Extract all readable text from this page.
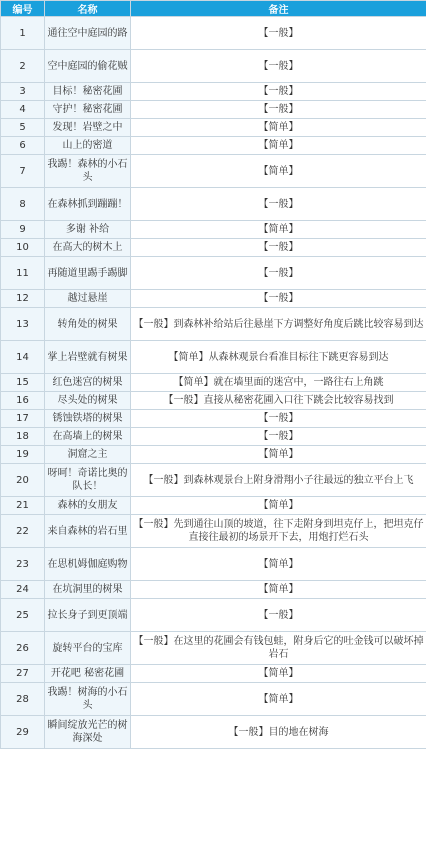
编号	名称	备注
1	通往空中庭园的路	【一般】
2	空中庭园的偷花贼	【一般】
3	目标！秘密花圃	【一般】
4	守护！秘密花圃	【一般】
5	发现！岩壁之中	【简单】
6	山上的密道	【简单】
7	我踢！森林的小石头	【简单】
8	在森林抓到蹦蹦！	【一般】
9	多谢 补给	【简单】
10	在高大的树木上	【一般】
11	再随道里踢手踢脚	【一般】
12	越过悬崖	【一般】
13	转角处的树果	【一般】到森林补给站后往悬崖下方调整好角度后跳比较容易到达
14	掌上岩壁就有树果	【简单】从森林观景台看准目标往下跳更容易到达
15	红色迷宫的树果	【简单】就在墙里面的迷宫中，一路往右上角跳
16	尽头处的树果	【一般】直接从秘密花圃入口往下跳会比较容易找到
17	锈蚀铁塔的树果	【一般】
18	在高墙上的树果	【一般】
19	洞窟之主	【简单】
20	呀呵！奇诺比奥的队长！	【一般】到森林观景台上附身滑翔小子往最远的独立平台上飞
21	森林的女朋友	【简单】
22	来自森林的岩石里	【一般】先到通往山顶的坡道，往下走附身到坦克仔上，把坦克仔直接往最初的场景开下去，用炮打烂石头
23	在思机姆伽庭购物	【简单】
24	在坑洞里的树果	【简单】
25	拉长身子到更顶端	【一般】
26	旋转平台的宝库	【一般】在这里的花圃会有钱包蛙，附身后它的吐金钱可以破坏掉岩石
27	开花吧 秘密花圃	【简单】
28	我踢！树海的小石头	【简单】
29	瞬间绽放光芒的树海深处	【一般】目的地在树海
